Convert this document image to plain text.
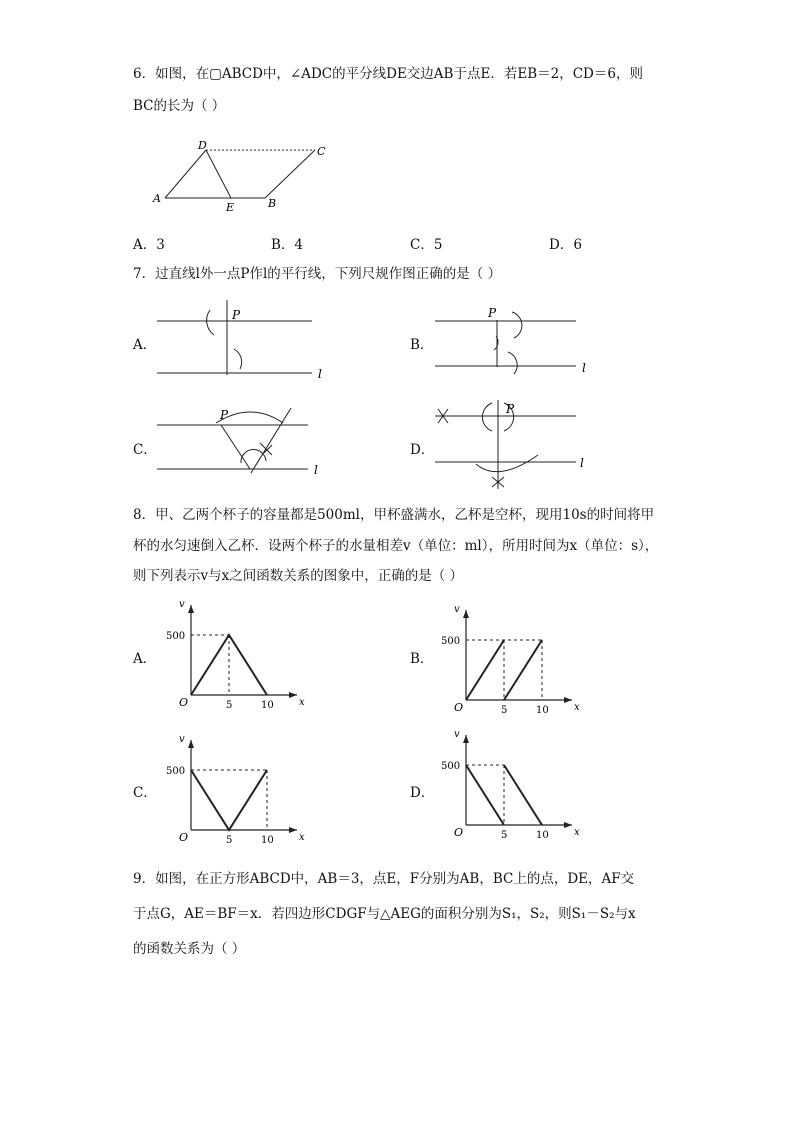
6．如图，在▢ABCD中，∠ADC的平分线DE交边AB于点E．若EB＝2，CD＝6，则
BC的长为（ ）
D	C
A
E	B
A．3	B．4	C．5	D．6
7．过直线l外一点P作l的平行线，下列尺规作图正确的是（ ）
A．
P
l
B．
P
l
C．
P
l
D．
P
l
8．甲、乙两个杯子的容量都是500ml，甲杯盛满水，乙杯是空杯，现用10s的时间将甲
杯的水匀速倒入乙杯．设两个杯子的水量相差v（单位：ml），所用时间为x（单位：s），
则下列表示v与x之间函数关系的图象中，正确的是（ ）
A．	B．
C．	D．
v
x
O
500
5	10
v
x
O
500
5	10
v
x
O
500
5	10
v
x
O
500
5	10
9．如图，在正方形ABCD中，AB＝3，点E，F分别为AB，BC上的点，DE，AF交
于点G，AE＝BF＝x．若四边形CDGF与△AEG的面积分别为S₁，S₂，则S₁－S₂与x
的函数关系为（ ）
